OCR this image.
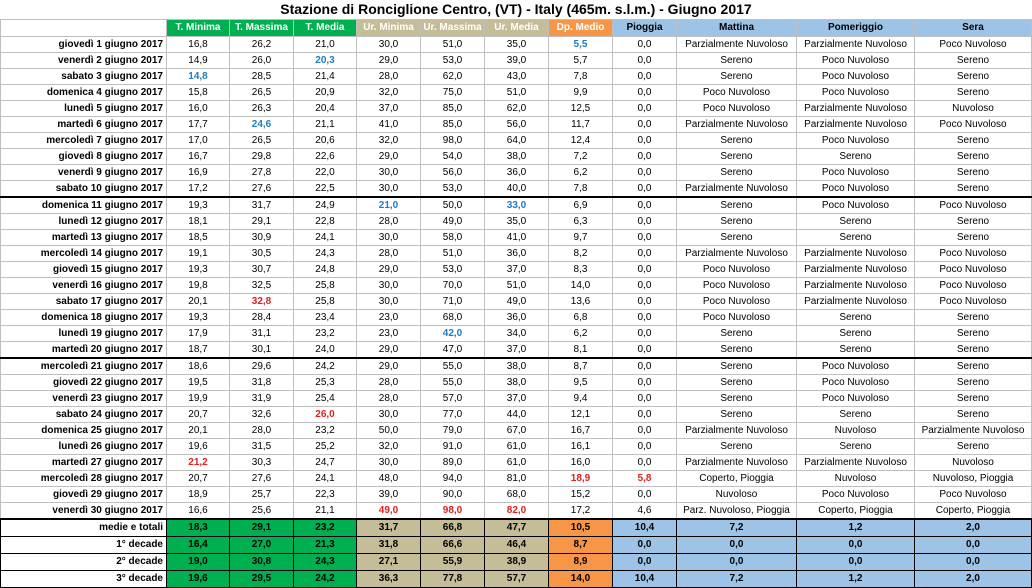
Stazione di Ronciglione Centro, (VT) - Italy (465m. s.l.m.) - Giugno 2017
	T. Minima	T. Massima	T. Media	Ur. Minima	Ur. Massima	Ur. Media	Dp. Medio	Pioggia	Mattina	Pomeriggio	Sera
giovedì 1 giugno 2017	16,8	26,2	21,0	30,0	51,0	35,0	5,5	0,0	Parzialmente Nuvoloso	Parzialmente Nuvoloso	Poco Nuvoloso
venerdì 2 giugno 2017	14,9	26,0	20,3	29,0	53,0	39,0	5,7	0,0	Sereno	Poco Nuvoloso	Sereno
sabato 3 giugno 2017	14,8	28,5	21,4	28,0	62,0	43,0	7,8	0,0	Sereno	Poco Nuvoloso	Sereno
domenica 4 giugno 2017	15,8	26,5	20,9	32,0	75,0	51,0	9,9	0,0	Poco Nuvoloso	Poco Nuvoloso	Sereno
lunedì 5 giugno 2017	16,0	26,3	20,4	37,0	85,0	62,0	12,5	0,0	Poco Nuvoloso	Parzialmente Nuvoloso	Nuvoloso
martedì 6 giugno 2017	17,7	24,6	21,1	41,0	85,0	56,0	11,7	0,0	Parzialmente Nuvoloso	Parzialmente Nuvoloso	Poco Nuvoloso
mercoledì 7 giugno 2017	17,0	26,5	20,6	32,0	98,0	64,0	12,4	0,0	Sereno	Poco Nuvoloso	Sereno
giovedì 8 giugno 2017	16,7	29,8	22,6	29,0	54,0	38,0	7,2	0,0	Sereno	Sereno	Sereno
venerdì 9 giugno 2017	16,9	27,8	22,0	30,0	56,0	36,0	6,2	0,0	Sereno	Poco Nuvoloso	Sereno
sabato 10 giugno 2017	17,2	27,6	22,5	30,0	53,0	40,0	7,8	0,0	Parzialmente Nuvoloso	Poco Nuvoloso	Sereno
domenica 11 giugno 2017	19,3	31,7	24,9	21,0	50,0	33,0	6,9	0,0	Sereno	Poco Nuvoloso	Poco Nuvoloso
lunedì 12 giugno 2017	18,1	29,1	22,8	28,0	49,0	35,0	6,3	0,0	Sereno	Sereno	Sereno
martedì 13 giugno 2017	18,5	30,9	24,1	30,0	58,0	41,0	9,7	0,0	Sereno	Sereno	Sereno
mercoledì 14 giugno 2017	19,1	30,5	24,3	28,0	51,0	36,0	8,2	0,0	Parzialmente Nuvoloso	Parzialmente Nuvoloso	Poco Nuvoloso
giovedì 15 giugno 2017	19,3	30,7	24,8	29,0	53,0	37,0	8,3	0,0	Poco Nuvoloso	Parzialmente Nuvoloso	Poco Nuvoloso
venerdì 16 giugno 2017	19,8	32,5	25,8	30,0	70,0	51,0	14,0	0,0	Poco Nuvoloso	Parzialmente Nuvoloso	Poco Nuvoloso
sabato 17 giugno 2017	20,1	32,8	25,8	30,0	71,0	49,0	13,6	0,0	Poco Nuvoloso	Parzialmente Nuvoloso	Poco Nuvoloso
domenica 18 giugno 2017	19,3	28,4	23,4	23,0	68,0	36,0	6,8	0,0	Poco Nuvoloso	Sereno	Sereno
lunedì 19 giugno 2017	17,9	31,1	23,2	23,0	42,0	34,0	6,2	0,0	Sereno	Sereno	Sereno
martedì 20 giugno 2017	18,7	30,1	24,0	29,0	47,0	37,0	8,1	0,0	Sereno	Sereno	Sereno
mercoledì 21 giugno 2017	18,6	29,6	24,2	29,0	55,0	38,0	8,7	0,0	Sereno	Poco Nuvoloso	Sereno
giovedì 22 giugno 2017	19,5	31,8	25,3	28,0	55,0	38,0	9,5	0,0	Sereno	Poco Nuvoloso	Sereno
venerdì 23 giugno 2017	19,9	31,9	25,4	28,0	57,0	37,0	9,4	0,0	Sereno	Poco Nuvoloso	Sereno
sabato 24 giugno 2017	20,7	32,6	26,0	30,0	77,0	44,0	12,1	0,0	Sereno	Sereno	Sereno
domenica 25 giugno 2017	20,1	28,0	23,2	50,0	79,0	67,0	16,7	0,0	Parzialmente Nuvoloso	Nuvoloso	Parzialmente Nuvoloso
lunedì 26 giugno 2017	19,6	31,5	25,2	32,0	91,0	61,0	16,1	0,0	Sereno	Sereno	Sereno
martedì 27 giugno 2017	21,2	30,3	24,7	30,0	89,0	61,0	16,0	0,0	Parzialmente Nuvoloso	Parzialmente Nuvoloso	Nuvoloso
mercoledì 28 giugno 2017	20,7	27,6	24,1	48,0	94,0	81,0	18,9	5,8	Coperto, Pioggia	Nuvoloso	Nuvoloso, Pioggia
giovedì 29 giugno 2017	18,9	25,7	22,3	39,0	90,0	68,0	15,2	0,0	Nuvoloso	Poco Nuvoloso	Poco Nuvoloso
venerdì 30 giugno 2017	16,6	25,6	21,1	49,0	98,0	82,0	17,2	4,6	Parz. Nuvoloso, Pioggia	Coperto, Pioggia	Coperto, Pioggia
medie e totali	18,3	29,1	23,2	31,7	66,8	47,7	10,5	10,4	7,2	1,2	2,0
1° decade	16,4	27,0	21,3	31,8	66,6	46,4	8,7	0,0	0,0	0,0	0,0
2° decade	19,0	30,8	24,3	27,1	55,9	38,9	8,9	0,0	0,0	0,0	0,0
3° decade	19,6	29,5	24,2	36,3	77,8	57,7	14,0	10,4	7,2	1,2	2,0
